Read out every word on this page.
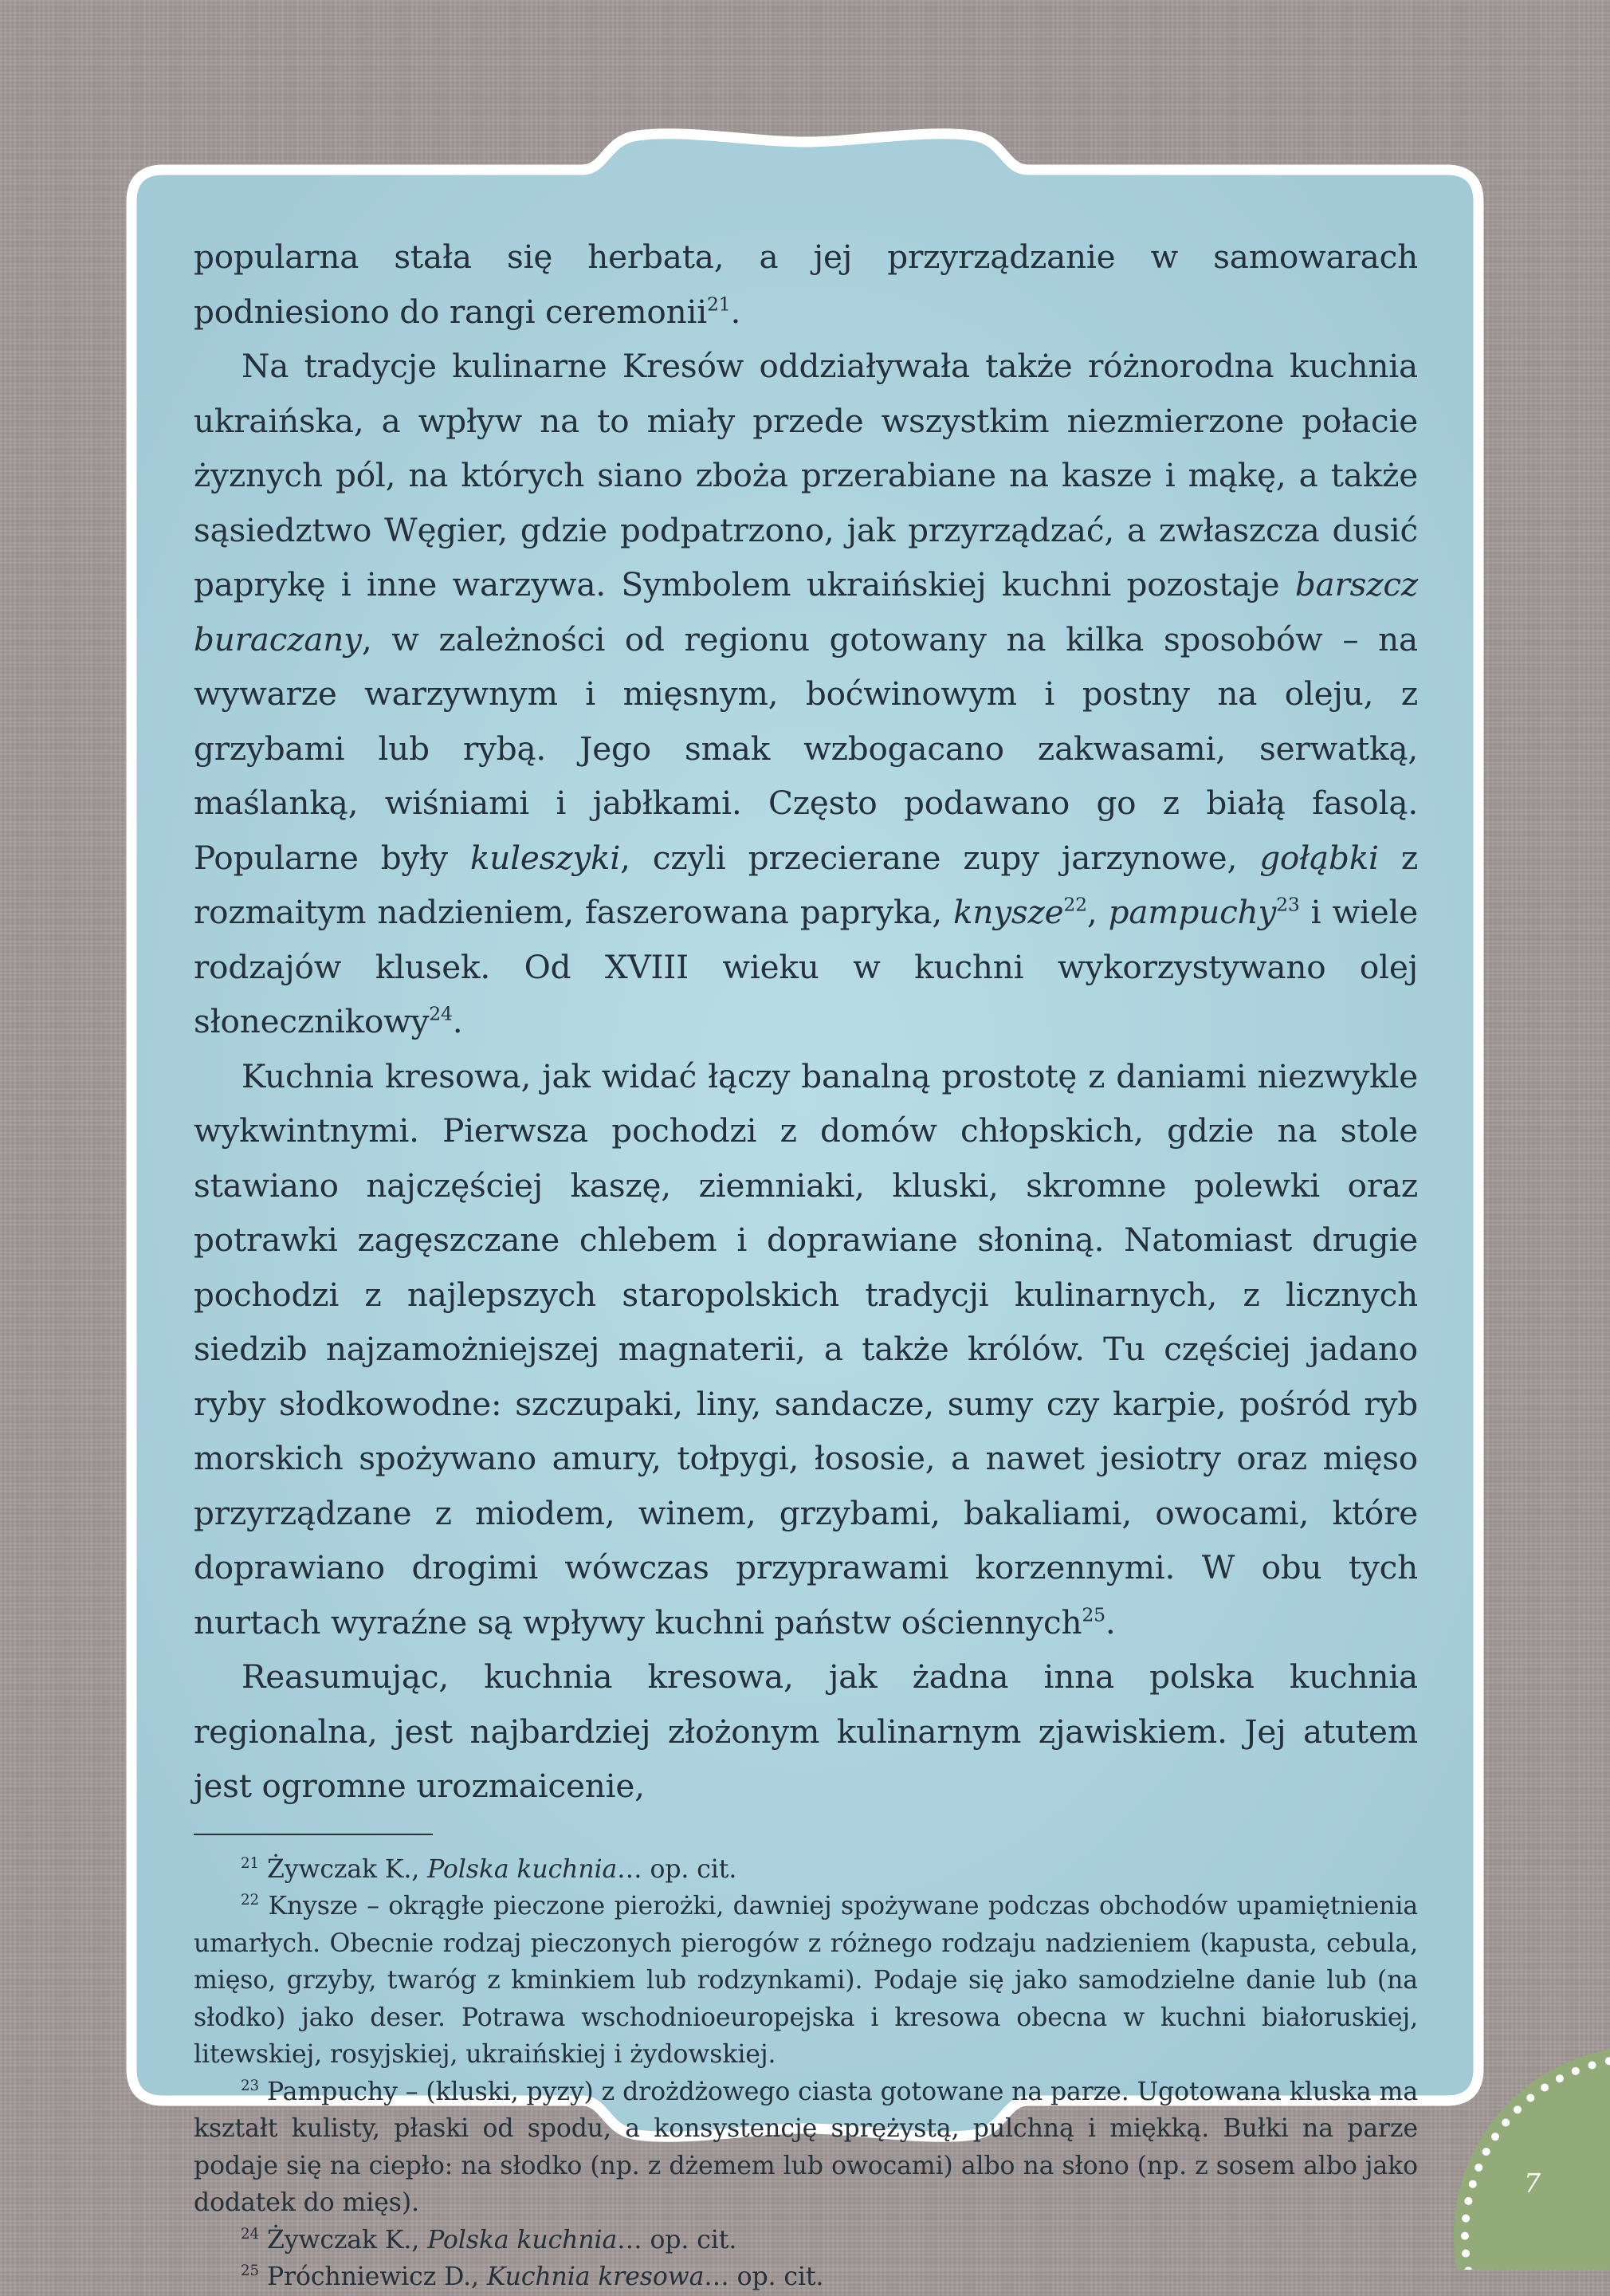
popularna stała się herbata, a jej przyrządzanie w samowarach podniesiono do rangi ceremonii$^{21}$.

Na tradycje kulinarne Kresów oddziaływała także różnorodna kuchnia ukraińska, a wpływ na to miały przede wszystkim niezmierzone połacie żyznych pól, na których siano zboża przerabiane na kasze i mąkę, a także sąsiedztwo Węgier, gdzie podpatrzono, jak przyrządzać, a zwłaszcza dusić paprykę i inne warzywa. Symbolem ukraińskiej kuchni pozostaje barszcz buraczany, w zależności od regionu gotowany na kilka sposobów – na wywarze warzywnym i mięsnym, boćwinowym i postny na oleju, z grzybami lub rybą. Jego smak wzbogacano zakwasami, serwatką, maślanką, wiśniami i jabłkami. Często podawano go z białą fasolą. Popularne były kuleszyki, czyli przecierane zupy jarzynowe, gołąbki z rozmaitym nadzieniem, faszerowana papryka, knysze$^{22}$, pampuchy$^{23}$ i wiele rodzajów klusek. Od XVIII wieku w kuchni wykorzystywano olej słonecznikowy$^{24}$.

Kuchnia kresowa, jak widać łączy banalną prostotę z daniami niezwykle wykwintnymi. Pierwsza pochodzi z domów chłopskich, gdzie na stole stawiano najczęściej kaszę, ziemniaki, kluski, skromne polewki oraz potrawki zagęszczane chlebem i doprawiane słoniną. Natomiast drugie pochodzi z najlepszych staropolskich tradycji kulinarnych, z licznych siedzib najzamożniejszej magnaterii, a także królów. Tu częściej jadano ryby słodkowodne: szczupaki, liny, sandacze, sumy czy karpie, pośród ryb morskich spożywano amury, tołpygi, łososie, a nawet jesiotry oraz mięso przyrządzane z miodem, winem, grzybami, bakaliami, owocami, które doprawiano drogimi wówczas przyprawami korzennymi. W obu tych nurtach wyraźne są wpływy kuchni państw ościennych$^{25}$.

Reasumując, kuchnia kresowa, jak żadna inna polska kuchnia regionalna, jest najbardziej złożonym kulinarnym zjawiskiem. Jej atutem jest ogromne urozmaicenie,

$^{21}$ Żywczak K., Polska kuchnia… op. cit.

$^{22}$ Knysze – okrągłe pieczone pierożki, dawniej spożywane podczas obchodów upamiętnienia umarłych. Obecnie rodzaj pieczonych pierogów z różnego rodzaju nadzieniem (kapusta, cebula, mięso, grzyby, twaróg z kminkiem lub rodzynkami). Podaje się jako samodzielne danie lub (na słodko) jako deser. Potrawa wschodnioeuropejska i kresowa obecna w kuchni białoruskiej, litewskiej, rosyjskiej, ukraińskiej i żydowskiej.

$^{23}$ Pampuchy – (kluski, pyzy) z drożdżowego ciasta gotowane na parze. Ugotowana kluska ma kształt kulisty, płaski od spodu, a konsystencję sprężystą, pulchną i miękką. Bułki na parze podaje się na ciepło: na słodko (np. z dżemem lub owocami) albo na słono (np. z sosem albo jako dodatek do mięs).

$^{24}$ Żywczak K., Polska kuchnia… op. cit.

$^{25}$ Próchniewicz D., Kuchnia kresowa… op. cit.

7
